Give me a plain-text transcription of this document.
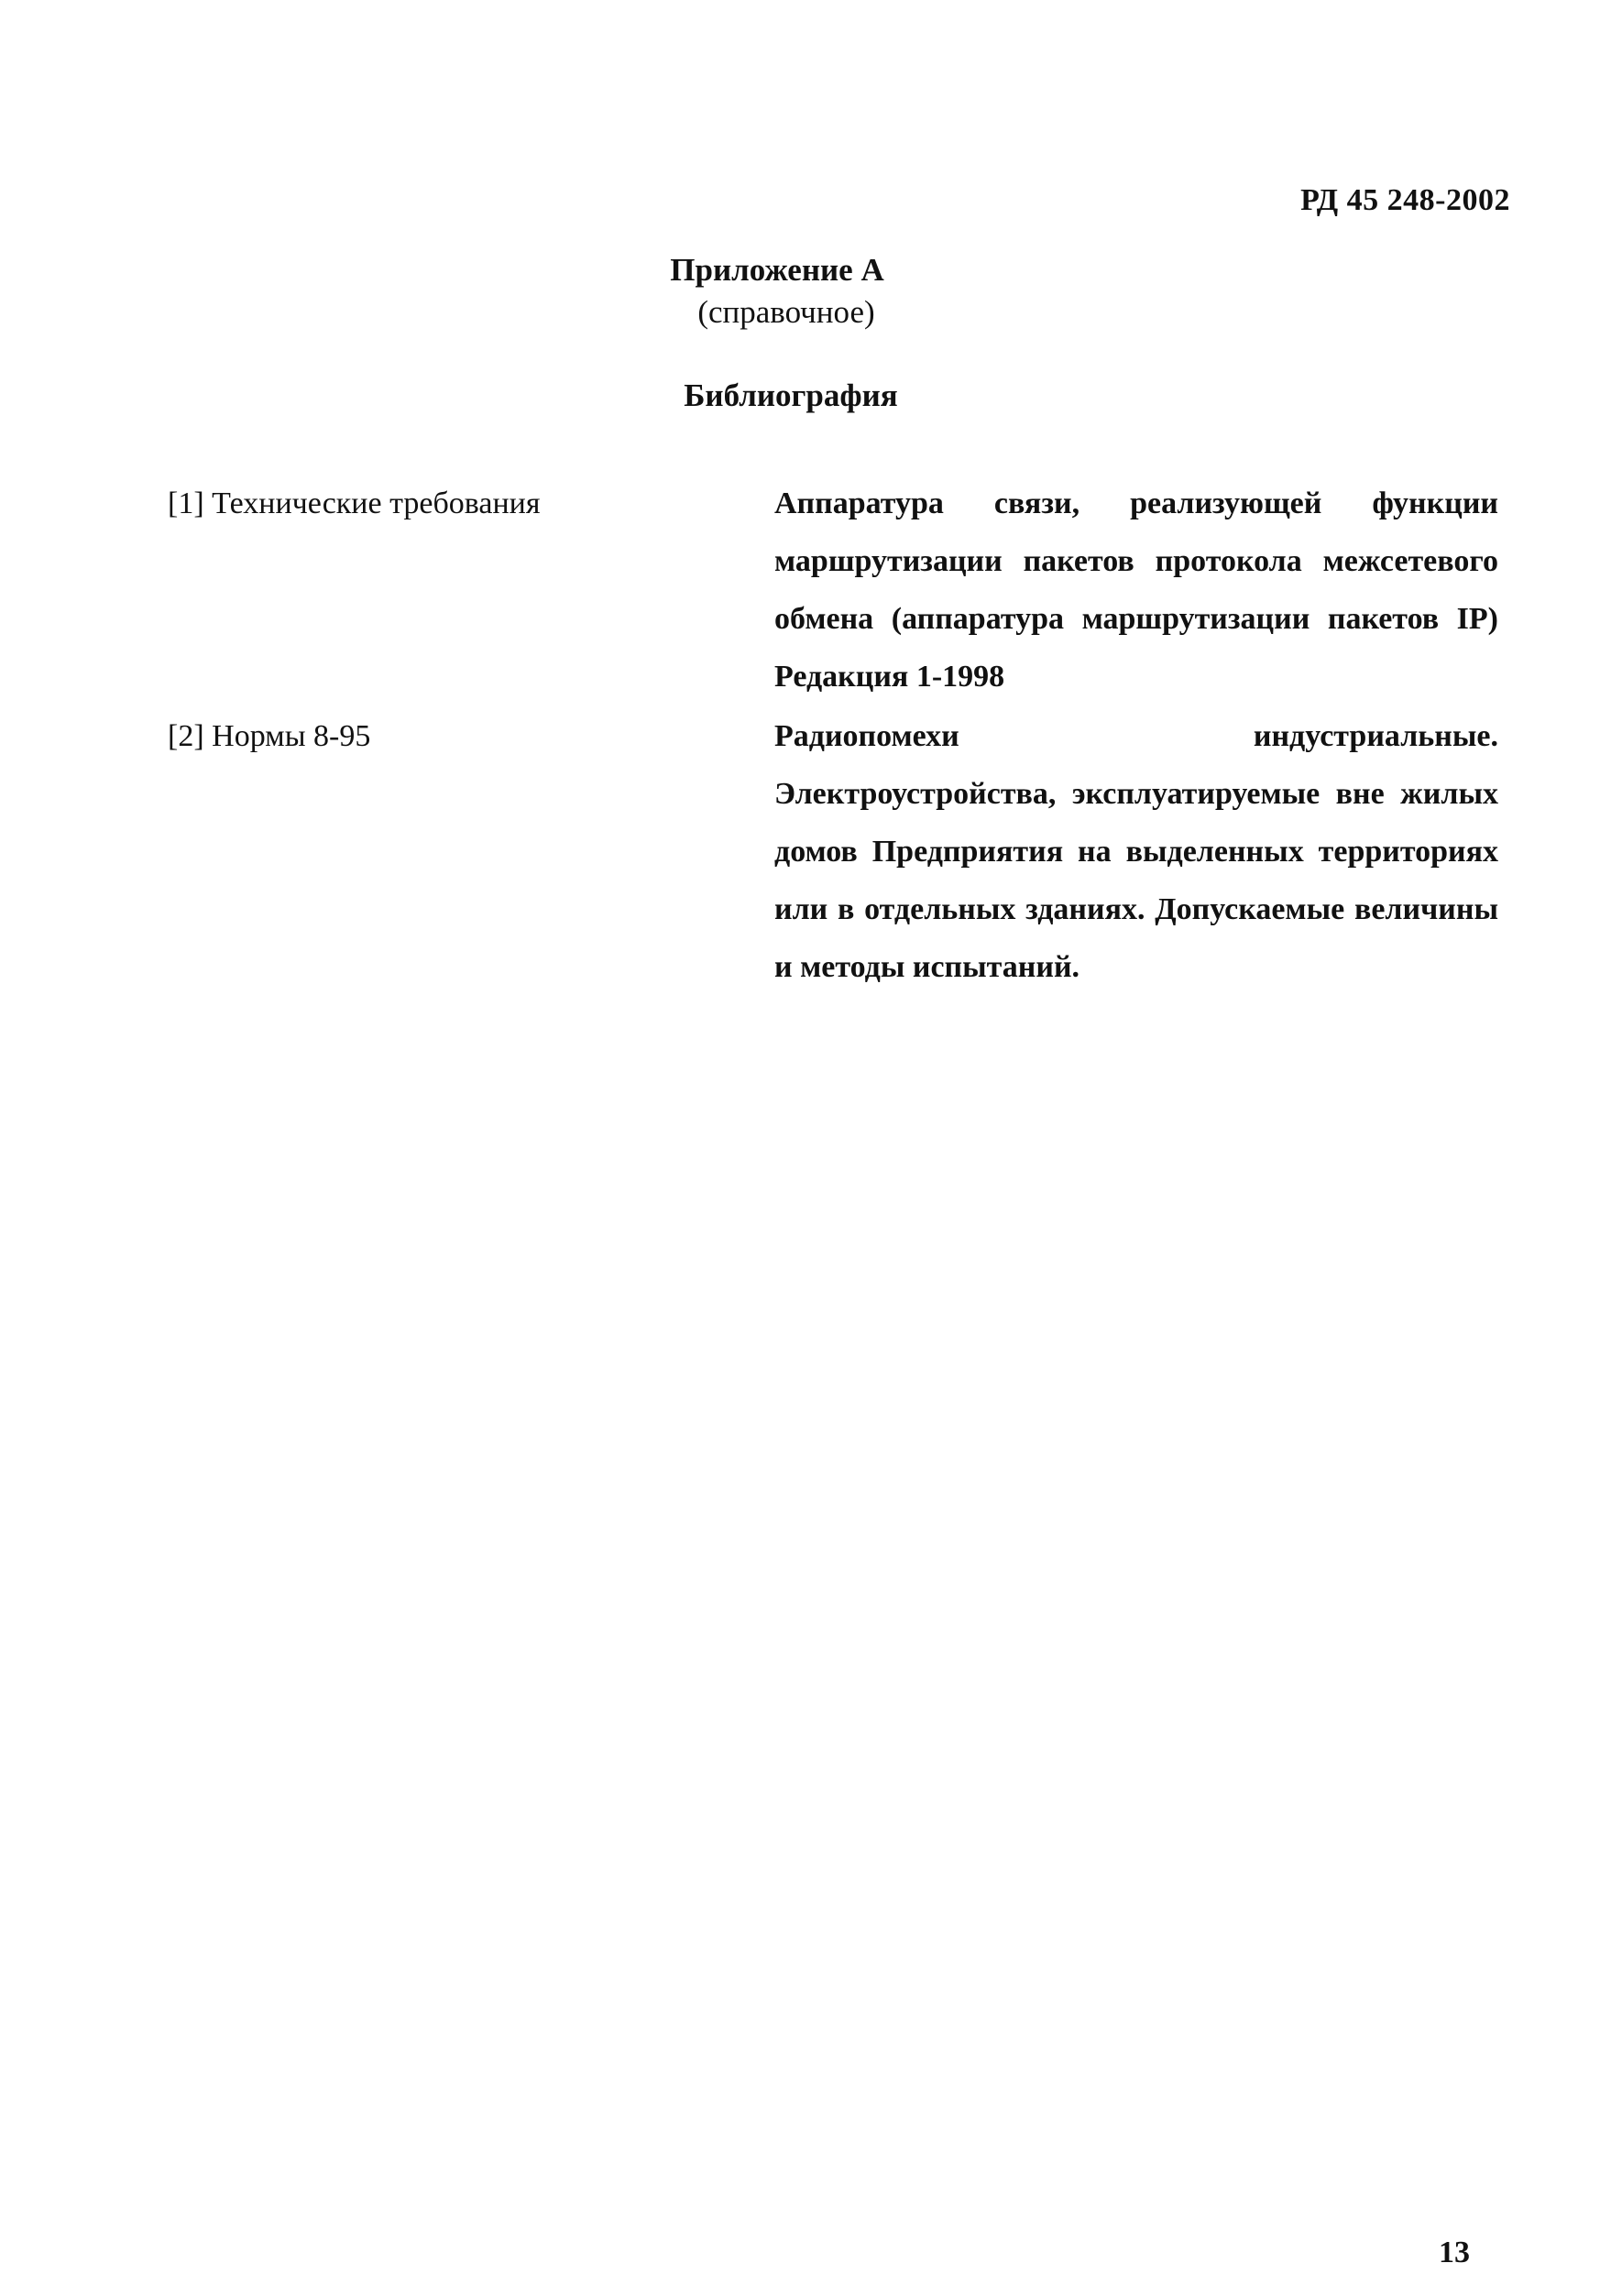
РД 45 248-2002
Приложение А
(справочное)
Библиография
[1] Технические требования	Аппаратура связи, реализующей функции маршрутизации пакетов протокола межсетевого обмена (аппаратура маршрутизации пакетов IP) Редакция 1-1998
[2] Нормы 8-95	Радиопомехи индустриальные. Электроустройства, эксплуатируемые вне жилых домов Предприятия на выделенных территориях или в отдельных зданиях. Допускаемые величины и методы испытаний.
13
